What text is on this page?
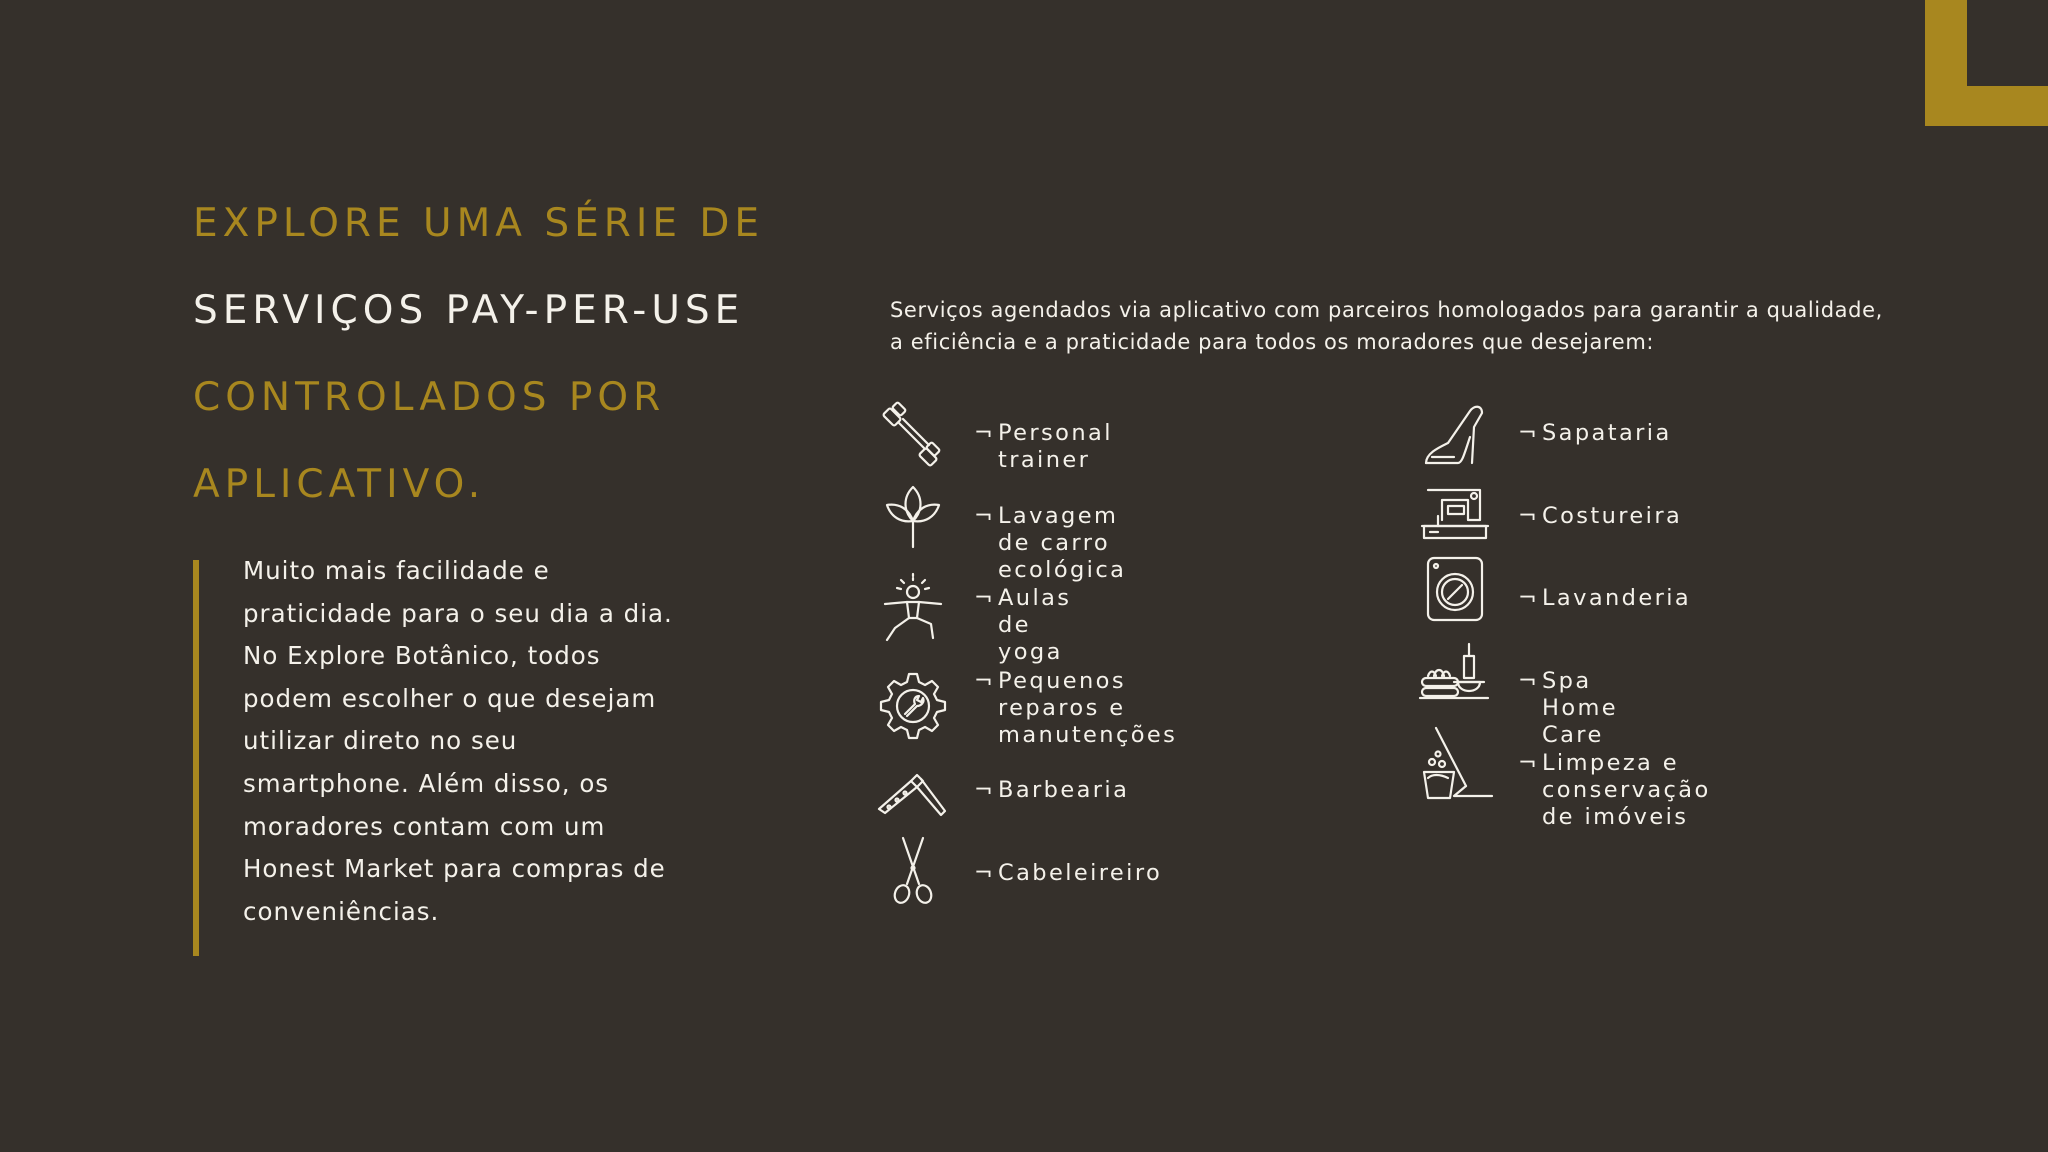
EXPLORE UMA SÉRIE DE
SERVIÇOS PAY-PER-USE
CONTROLADOS POR
APLICATIVO.

Muito mais facilidade e praticidade para o seu dia a dia. No Explore Botânico, todos podem escolher o que desejam utilizar direto no seu smartphone. Além disso, os moradores contam com um Honest Market para compras de conveniências.

Serviços agendados via aplicativo com parceiros homologados para garantir a qualidade, a eficiência e a praticidade para todos os moradores que desejarem:

¬ Personal trainer
¬ Lavagem de carro ecológica
¬ Aulas de yoga
¬ Pequenos reparos e
manutenções
¬ Barbearia
¬ Cabeleireiro
¬ Sapataria
¬ Costureira
¬ Lavanderia
¬ Spa Home Care
¬ Limpeza e conservação
de imóveis
